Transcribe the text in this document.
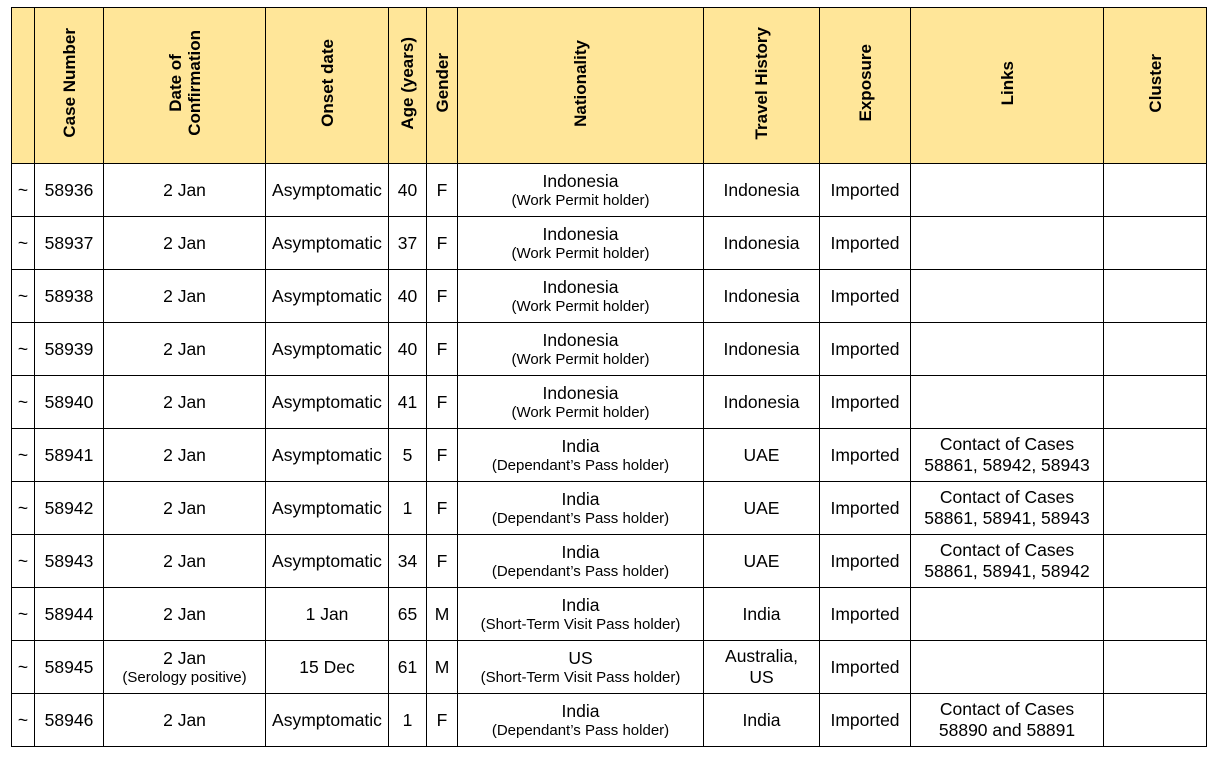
	Case Number	Date of
Confirmation	Onset date	Age (years)	Gender	Nationality	Travel History	Exposure	Links	Cluster
~	58936	2 Jan	Asymptomatic	40	F	Indonesia
(Work Permit holder)	Indonesia	Imported		
~	58937	2 Jan	Asymptomatic	37	F	Indonesia
(Work Permit holder)	Indonesia	Imported		
~	58938	2 Jan	Asymptomatic	40	F	Indonesia
(Work Permit holder)	Indonesia	Imported		
~	58939	2 Jan	Asymptomatic	40	F	Indonesia
(Work Permit holder)	Indonesia	Imported		
~	58940	2 Jan	Asymptomatic	41	F	Indonesia
(Work Permit holder)	Indonesia	Imported		
~	58941	2 Jan	Asymptomatic	5	F	India
(Dependant’s Pass holder)	UAE	Imported	Contact of Cases
58861, 58942, 58943	

~	58942	2 Jan	Asymptomatic	1	F	India
(Dependant’s Pass holder)	UAE	Imported	Contact of Cases
58861, 58941, 58943	

~	58943	2 Jan	Asymptomatic	34	F	India
(Dependant’s Pass holder)	UAE	Imported	Contact of Cases
58861, 58941, 58942	

~	58944	2 Jan	1 Jan	65	M	India
(Short-Term Visit Pass holder)	India	Imported		
~	58945	2 Jan
(Serology positive)	15 Dec	61	M	US
(Short-Term Visit Pass holder)	Australia,
US	Imported		
~	58946	2 Jan	Asymptomatic	1	F	India
(Dependant’s Pass holder)	India	Imported	Contact of Cases
58890 and 58891	
